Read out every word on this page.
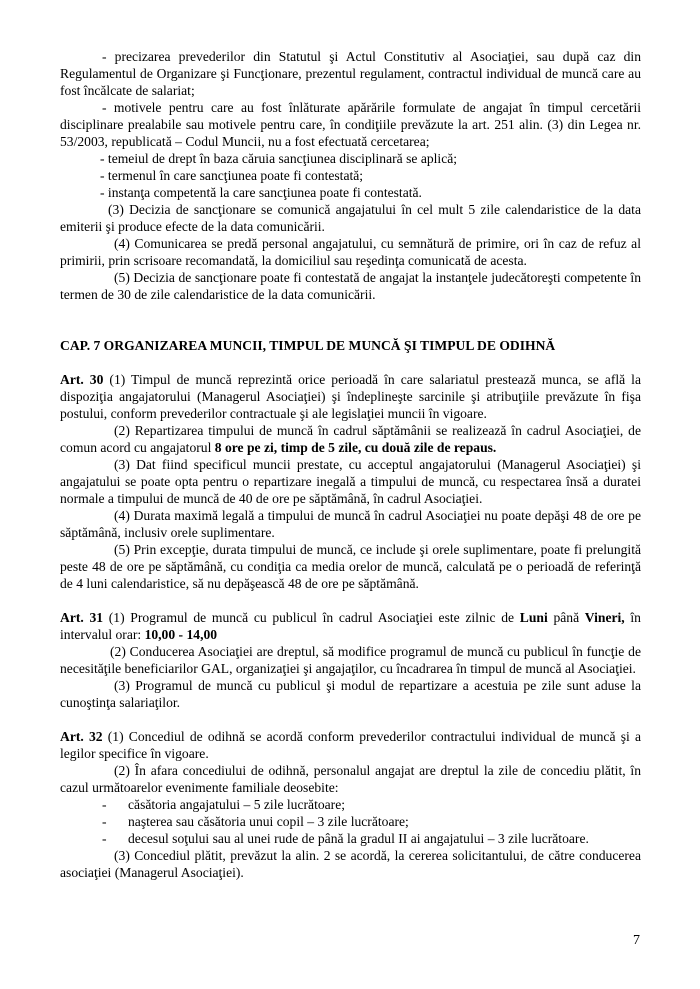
- precizarea prevederilor din Statutul şi Actul Constitutiv al Asociaţiei, sau după caz din Regulamentul de Organizare şi Funcţionare, prezentul regulament, contractul individual de muncă care au fost încălcate de salariat;

- motivele pentru care au fost înlăturate apărările formulate de angajat în timpul cercetării disciplinare prealabile sau motivele pentru care, în condiţiile prevăzute la art. 251 alin. (3) din Legea nr. 53/2003, republicată – Codul Muncii, nu a fost efectuată cercetarea;

- temeiul de drept în baza căruia sancţiunea disciplinară se aplică;

- termenul în care sancţiunea poate fi contestată;

- instanţa competentă la care sancţiunea poate fi contestată.

(3) Decizia de sancţionare se comunică angajatului în cel mult 5 zile calendaristice de la data emiterii şi produce efecte de la data comunicării.

(4) Comunicarea se predă personal angajatului, cu semnătură de primire, ori în caz de refuz al primirii, prin scrisoare recomandată, la domiciliul sau reşedinţa comunicată de acesta.

(5) Decizia de sancţionare poate fi contestată de angajat la instanţele judecătoreşti competente în termen de 30 de zile calendaristice de la data comunicării.

CAP. 7 ORGANIZAREA MUNCII, TIMPUL DE MUNCĂ ŞI TIMPUL DE ODIHNĂ

Art. 30 (1) Timpul de muncă reprezintă orice perioadă în care salariatul prestează munca, se află la dispoziţia angajatorului (Managerul Asociaţiei) şi îndeplineşte sarcinile şi atribuţiile prevăzute în fişa postului, conform prevederilor contractuale şi ale legislaţiei muncii în vigoare.

(2) Repartizarea timpului de muncă în cadrul săptămânii se realizează în cadrul Asociaţiei, de comun acord cu angajatorul 8 ore pe zi, timp de 5 zile, cu două zile de repaus.

(3) Dat fiind specificul muncii prestate, cu acceptul angajatorului (Managerul Asociaţiei) şi angajatului se poate opta pentru o repartizare inegală a timpului de muncă, cu respectarea însă a duratei normale a timpului de muncă de 40 de ore pe săptămână, în cadrul Asociaţiei.

(4) Durata maximă legală a timpului de muncă în cadrul Asociaţiei nu poate depăşi 48 de ore pe săptămână, inclusiv orele suplimentare.

(5) Prin excepţie, durata timpului de muncă, ce include şi orele suplimentare, poate fi prelungită peste 48 de ore pe săptămână, cu condiţia ca media orelor de muncă, calculată pe o perioadă de referinţă de 4 luni calendaristice, să nu depăşească 48 de ore pe săptămână.

Art. 31 (1) Programul de muncă cu publicul în cadrul Asociaţiei este zilnic de Luni până Vineri, în intervalul orar: 10,00 - 14,00

(2) Conducerea Asociaţiei are dreptul, să modifice programul de muncă cu publicul în funcţie de necesităţile beneficiarilor GAL, organizaţiei şi angajaţilor, cu încadrarea în timpul de muncă al Asociaţiei.

(3) Programul de muncă cu publicul şi modul de repartizare a acestuia pe zile sunt aduse la cunoştinţa salariaţilor.

Art. 32 (1) Concediul de odihnă se acordă conform prevederilor contractului individual de muncă şi a legilor specifice în vigoare.

(2) În afara concediului de odihnă, personalul angajat are dreptul la zile de concediu plătit, în cazul următoarelor evenimente familiale deosebite:

- căsătoria angajatului – 5 zile lucrătoare;

- naşterea sau căsătoria unui copil – 3 zile lucrătoare;

- decesul soţului sau al unei rude de până la gradul II ai angajatului – 3 zile lucrătoare.

(3) Concediul plătit, prevăzut la alin. 2 se acordă, la cererea solicitantului, de către conducerea asociaţiei (Managerul Asociaţiei).

7
